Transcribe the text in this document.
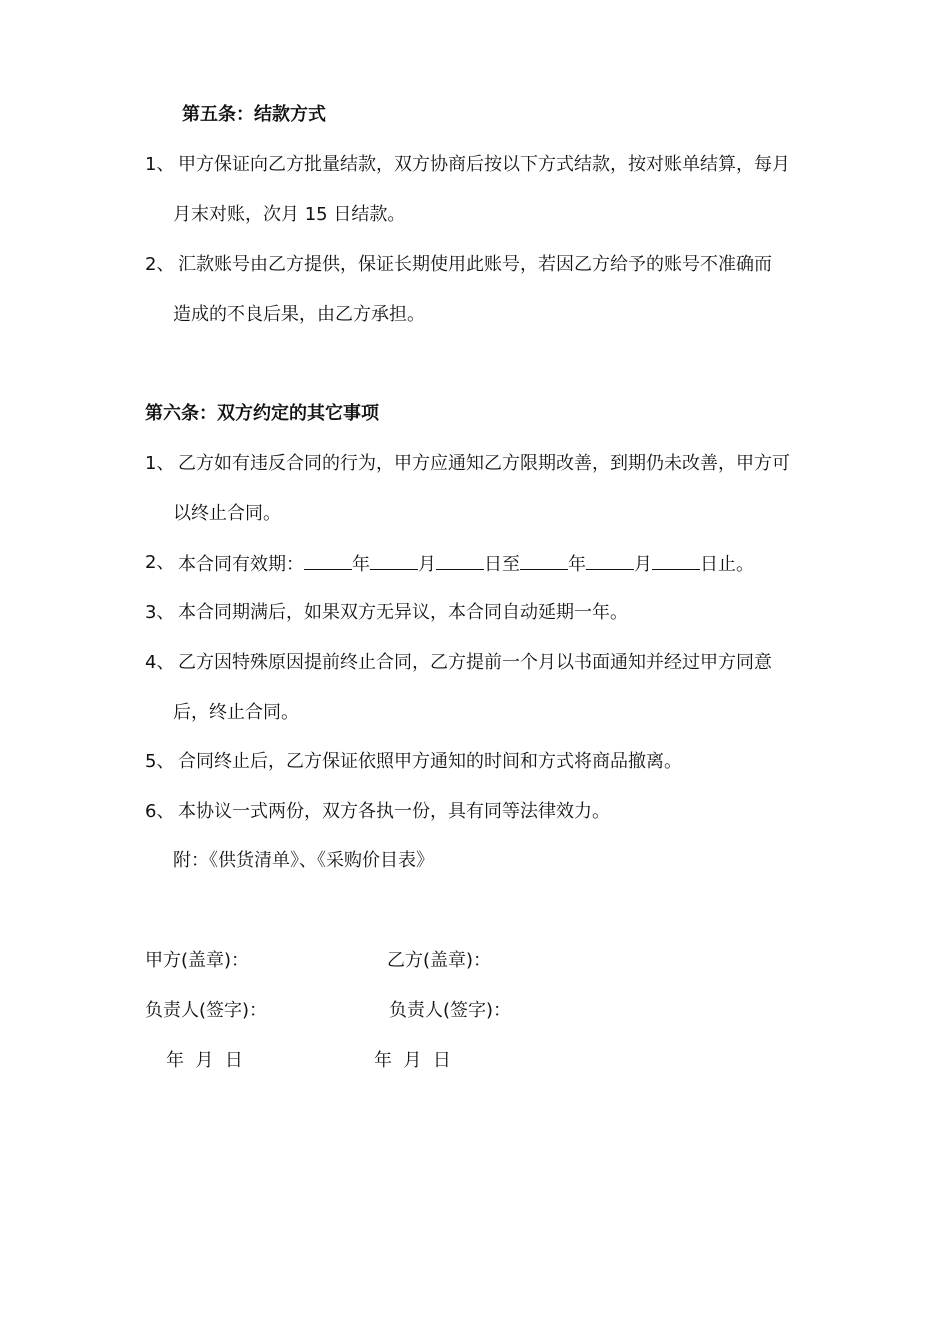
第五条：结款方式
1、 甲方保证向乙方批量结款，双方协商后按以下方式结款，按对账单结算，每月
月末对账，次月 15 日结款。
2、 汇款账号由乙方提供，保证长期使用此账号，若因乙方给予的账号不准确而
造成的不良后果，由乙方承担。
第六条：双方约定的其它事项
1、 乙方如有违反合同的行为，甲方应通知乙方限期改善，到期仍未改善，甲方可
以终止合同。
2、 本合同有效期：	年	月	日至	年	月	日止。
3、 本合同期满后，如果双方无异议，本合同自动延期一年。
4、 乙方因特殊原因提前终止合同，乙方提前一个月以书面通知并经过甲方同意
后，终止合同。
5、 合同终止后，乙方保证依照甲方通知的时间和方式将商品撤离。
6、 本协议一式两份，双方各执一份，具有同等法律效力。
附：《供货清单》、《采购价目表》
甲方(盖章)：	乙方(盖章)：
负责人(签字)：	负责人(签字)：
年  月  日	年  月  日
